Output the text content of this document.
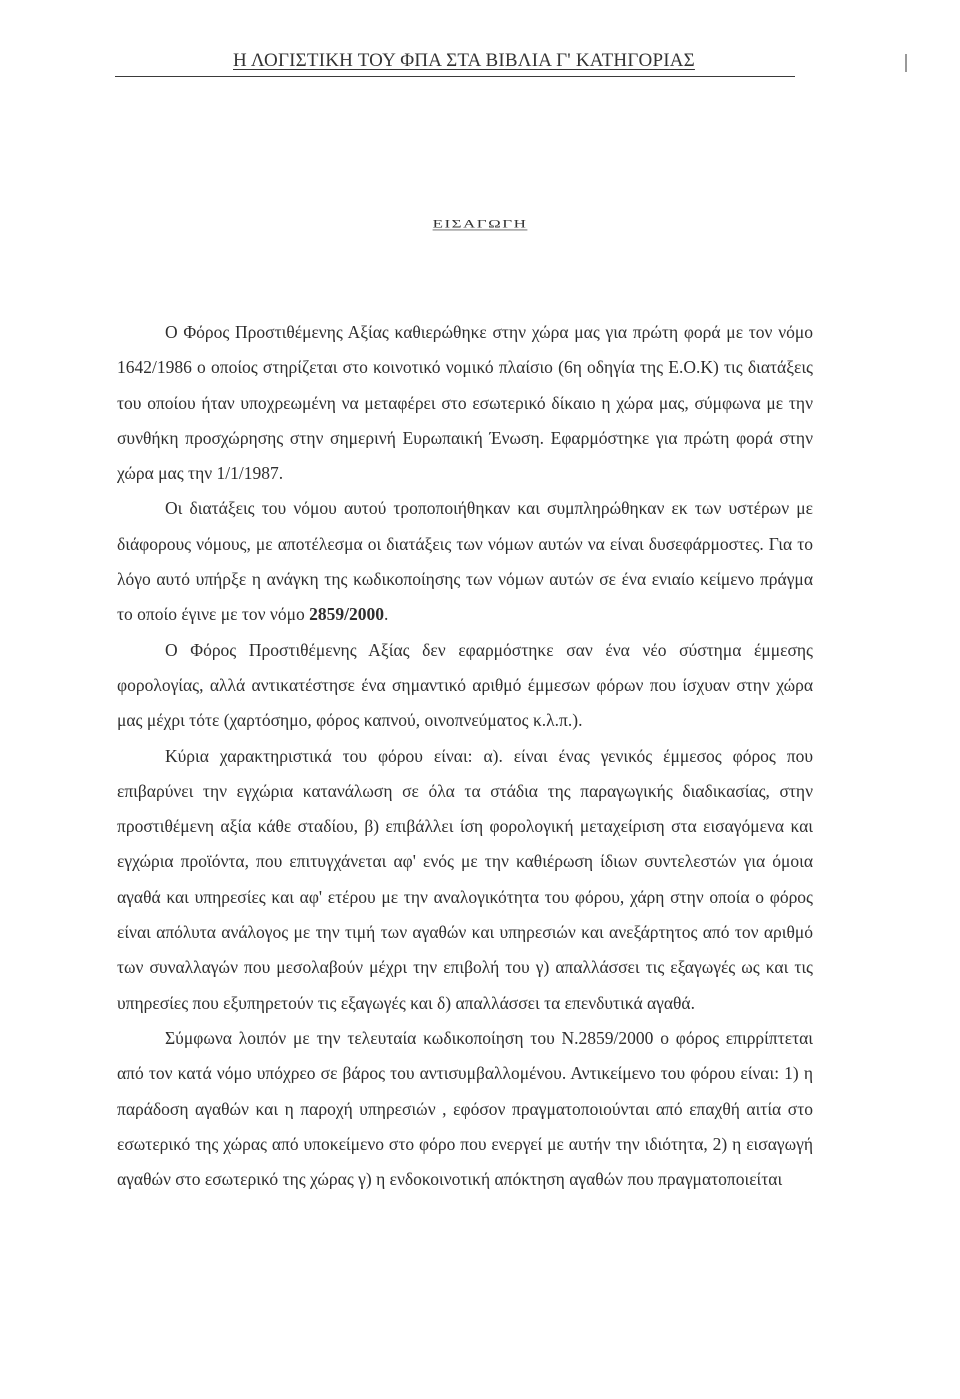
Η ΛΟΓΙΣΤΙΚΗ ΤΟΥ ΦΠΑ ΣΤΑ ΒΙΒΛΙΑ Γ' ΚΑΤΗΓΟΡΙΑΣ
ΕΙΣΑΓΩΓΗ

Ο Φόρος Προστιθέμενης Αξίας καθιερώθηκε στην χώρα μας για πρώτη φορά με τον νόμο 1642/1986 ο οποίος στηρίζεται στο κοινοτικό νομικό πλαίσιο (6η οδηγία της Ε.Ο.Κ) τις διατάξεις του οποίου ήταν υποχρεωμένη να μεταφέρει στο εσωτερικό δίκαιο η χώρα μας, σύμφωνα με την συνθήκη προσχώρησης στην σημερινή Ευρωπαική Ένωση. Εφαρμόστηκε για πρώτη φορά στην χώρα μας την 1/1/1987.

Οι διατάξεις του νόμου αυτού τροποποιήθηκαν και συμπληρώθηκαν εκ των υστέρων με διάφορους νόμους, με αποτέλεσμα οι διατάξεις των νόμων αυτών να είναι δυσεφάρμοστες. Για το λόγο αυτό υπήρξε η ανάγκη της κωδικοποίησης των νόμων αυτών σε ένα ενιαίο κείμενο πράγμα το οποίο έγινε με τον νόμο 2859/2000.

Ο Φόρος Προστιθέμενης Αξίας δεν εφαρμόστηκε σαν ένα νέο σύστημα έμμεσης φορολογίας, αλλά αντικατέστησε ένα σημαντικό αριθμό έμμεσων φόρων που ίσχυαν στην χώρα μας μέχρι τότε (χαρτόσημο, φόρος καπνού, οινοπνεύματος κ.λ.π.).

Κύρια χαρακτηριστικά του φόρου είναι: α). είναι ένας γενικός έμμεσος φόρος που επιβαρύνει την εγχώρια κατανάλωση σε όλα τα στάδια της παραγωγικής διαδικασίας, στην προστιθέμενη αξία κάθε σταδίου, β) επιβάλλει ίση φορολογική μεταχείριση στα εισαγόμενα και εγχώρια προϊόντα, που επιτυγχάνεται αφ' ενός με την καθιέρωση ίδιων συντελεστών για όμοια αγαθά και υπηρεσίες και αφ' ετέρου με την αναλογικότητα του φόρου, χάρη στην οποία ο φόρος είναι απόλυτα ανάλογος με την τιμή των αγαθών και υπηρεσιών και ανεξάρτητος από τον αριθμό των συναλλαγών που μεσολαβούν μέχρι την επιβολή του γ) απαλλάσσει τις εξαγωγές ως και τις υπηρεσίες που εξυπηρετούν τις εξαγωγές και δ) απαλλάσσει τα επενδυτικά αγαθά.

Σύμφωνα λοιπόν με την τελευταία κωδικοποίηση του Ν.2859/2000 ο φόρος επιρρίπτεται από τον κατά νόμο υπόχρεο σε βάρος του αντισυμβαλλομένου. Αντικείμενο του φόρου είναι: 1) η παράδοση αγαθών και η παροχή υπηρεσιών , εφόσον πραγματοποιούνται από επαχθή αιτία στο εσωτερικό της χώρας από υποκείμενο στο φόρο που ενεργεί με αυτήν την ιδιότητα, 2) η εισαγωγή αγαθών στο εσωτερικό της χώρας γ) η ενδοκοινοτική απόκτηση αγαθών που πραγματοποιείται
